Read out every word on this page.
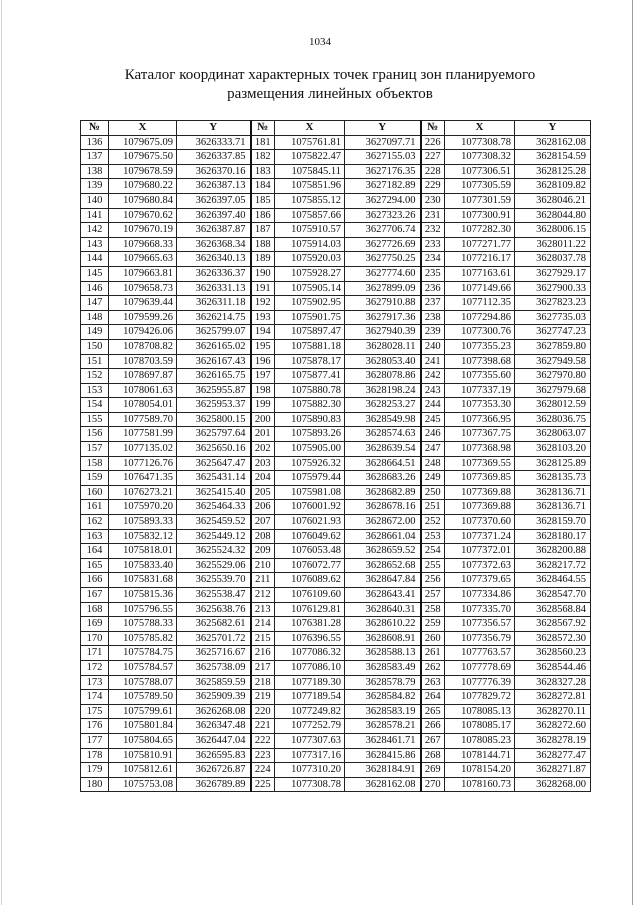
1034
Каталог координат характерных точек границ зон планируемого
размещения линейных объектов
№	X	Y	№	X	Y	№	X	Y
136	1079675.09	3626333.71	181	1075761.81	3627097.71	226	1077308.78	3628162.08
137	1079675.50	3626337.85	182	1075822.47	3627155.03	227	1077308.32	3628154.59
138	1079678.59	3626370.16	183	1075845.11	3627176.35	228	1077306.51	3628125.28
139	1079680.22	3626387.13	184	1075851.96	3627182.89	229	1077305.59	3628109.82
140	1079680.84	3626397.05	185	1075855.12	3627294.00	230	1077301.59	3628046.21
141	1079670.62	3626397.40	186	1075857.66	3627323.26	231	1077300.91	3628044.80
142	1079670.19	3626387.87	187	1075910.57	3627706.74	232	1077282.30	3628006.15
143	1079668.33	3626368.34	188	1075914.03	3627726.69	233	1077271.77	3628011.22
144	1079665.63	3626340.13	189	1075920.03	3627750.25	234	1077216.17	3628037.78
145	1079663.81	3626336.37	190	1075928.27	3627774.60	235	1077163.61	3627929.17
146	1079658.73	3626331.13	191	1075905.14	3627899.09	236	1077149.66	3627900.33
147	1079639.44	3626311.18	192	1075902.95	3627910.88	237	1077112.35	3627823.23
148	1079599.26	3626214.75	193	1075901.75	3627917.36	238	1077294.86	3627735.03
149	1079426.06	3625799.07	194	1075897.47	3627940.39	239	1077300.76	3627747.23
150	1078708.82	3626165.02	195	1075881.18	3628028.11	240	1077355.23	3627859.80
151	1078703.59	3626167.43	196	1075878.17	3628053.40	241	1077398.68	3627949.58
152	1078697.87	3626165.75	197	1075877.41	3628078.86	242	1077355.60	3627970.80
153	1078061.63	3625955.87	198	1075880.78	3628198.24	243	1077337.19	3627979.68
154	1078054.01	3625953.37	199	1075882.30	3628253.27	244	1077353.30	3628012.59
155	1077589.70	3625800.15	200	1075890.83	3628549.98	245	1077366.95	3628036.75
156	1077581.99	3625797.64	201	1075893.26	3628574.63	246	1077367.75	3628063.07
157	1077135.02	3625650.16	202	1075905.00	3628639.54	247	1077368.98	3628103.20
158	1077126.76	3625647.47	203	1075926.32	3628664.51	248	1077369.55	3628125.89
159	1076471.35	3625431.14	204	1075979.44	3628683.26	249	1077369.85	3628135.73
160	1076273.21	3625415.40	205	1075981.08	3628682.89	250	1077369.88	3628136.71
161	1075970.20	3625464.33	206	1076001.92	3628678.16	251	1077369.88	3628136.71
162	1075893.33	3625459.52	207	1076021.93	3628672.00	252	1077370.60	3628159.70
163	1075832.12	3625449.12	208	1076049.62	3628661.04	253	1077371.24	3628180.17
164	1075818.01	3625524.32	209	1076053.48	3628659.52	254	1077372.01	3628200.88
165	1075833.40	3625529.06	210	1076072.77	3628652.68	255	1077372.63	3628217.72
166	1075831.68	3625539.70	211	1076089.62	3628647.84	256	1077379.65	3628464.55
167	1075815.36	3625538.47	212	1076109.60	3628643.41	257	1077334.86	3628547.70
168	1075796.55	3625638.76	213	1076129.81	3628640.31	258	1077335.70	3628568.84
169	1075788.33	3625682.61	214	1076381.28	3628610.22	259	1077356.57	3628567.92
170	1075785.82	3625701.72	215	1076396.55	3628608.91	260	1077356.79	3628572.30
171	1075784.75	3625716.67	216	1077086.32	3628588.13	261	1077763.57	3628560.23
172	1075784.57	3625738.09	217	1077086.10	3628583.49	262	1077778.69	3628544.46
173	1075788.07	3625859.59	218	1077189.30	3628578.79	263	1077776.39	3628327.28
174	1075789.50	3625909.39	219	1077189.54	3628584.82	264	1077829.72	3628272.81
175	1075799.61	3626268.08	220	1077249.82	3628583.19	265	1078085.13	3628270.11
176	1075801.84	3626347.48	221	1077252.79	3628578.21	266	1078085.17	3628272.60
177	1075804.65	3626447.04	222	1077307.63	3628461.71	267	1078085.23	3628278.19
178	1075810.91	3626595.83	223	1077317.16	3628415.86	268	1078144.71	3628277.47
179	1075812.61	3626726.87	224	1077310.20	3628184.91	269	1078154.20	3628271.87
180	1075753.08	3626789.89	225	1077308.78	3628162.08	270	1078160.73	3628268.00
